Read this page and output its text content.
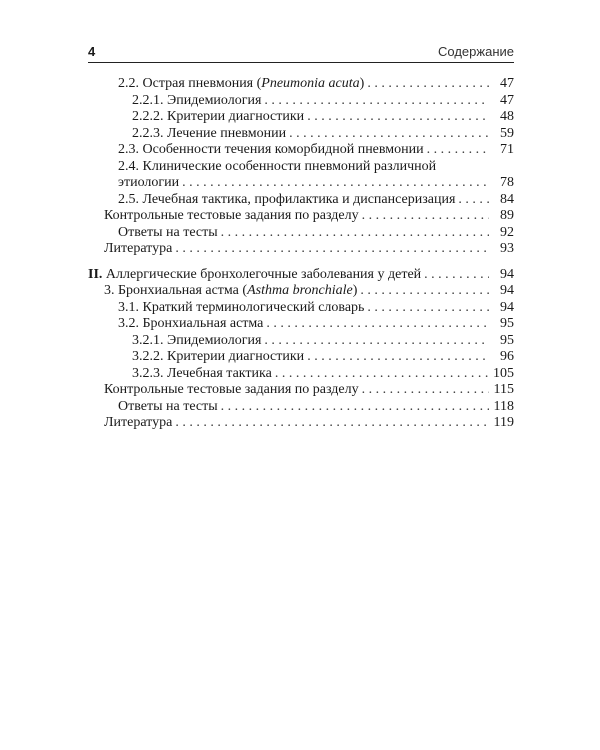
4	Содержание
2.2. Острая пневмония (Pneumonia acuta) . . .	47
2.2.1. Эпидемиология . . .	47
2.2.2. Критерии диагностики . . .	48
2.2.3. Лечение пневмонии . . .	59
2.3. Особенности течения коморбидной пневмонии . . .	71
2.4. Клинические особенности пневмоний различной
этиологии . . .	78
2.5. Лечебная тактика, профилактика и диспансеризация . . .	84
Контрольные тестовые задания по разделу . . .	89
Ответы на тесты . . .	92
Литература . . .	93
II. Аллергические бронхолегочные заболевания у детей . . .	94
3. Бронхиальная астма (Asthma bronchiale) . . .	94
3.1. Краткий терминологический словарь . . .	94
3.2. Бронхиальная астма . . .	95
3.2.1. Эпидемиология . . .	95
3.2.2. Критерии диагностики . . .	96
3.2.3. Лечебная тактика . . .	105
Контрольные тестовые задания по разделу . . .	115
Ответы на тесты . . .	118
Литература . . .	119
